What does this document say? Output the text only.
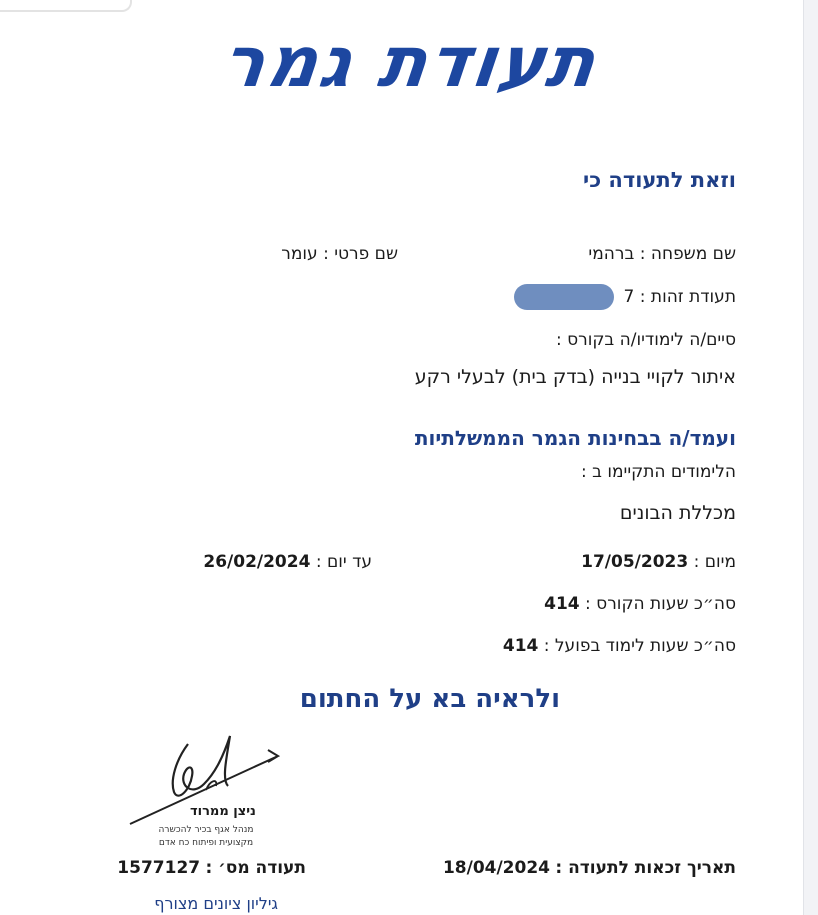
תעודת גמר
וזאת לתעודה כי
שם משפחה : ברהמי
שם פרטי : עומר
תעודת זהות : 7
סיים/ה לימודיו/ה בקורס :
איתור לקויי בנייה (בדק בית) לבעלי רקע
ועמד/ה בבחינות הגמר הממשלתיות
הלימודים התקיימו ב :
מכללת הבונים
מיום : 17/05/2023
עד יום : 26/02/2024
סה״כ שעות הקורס : 414
סה״כ שעות לימוד בפועל : 414
ולראיה בא על החתום
ניצן ממרוד
מנהל אגף בכיר להכשרה
מקצועית ופיתוח כח אדם
תאריך זכאות לתעודה : 18/04/2024
תעודה מס׳ : 1577127
גיליון ציונים מצורף
